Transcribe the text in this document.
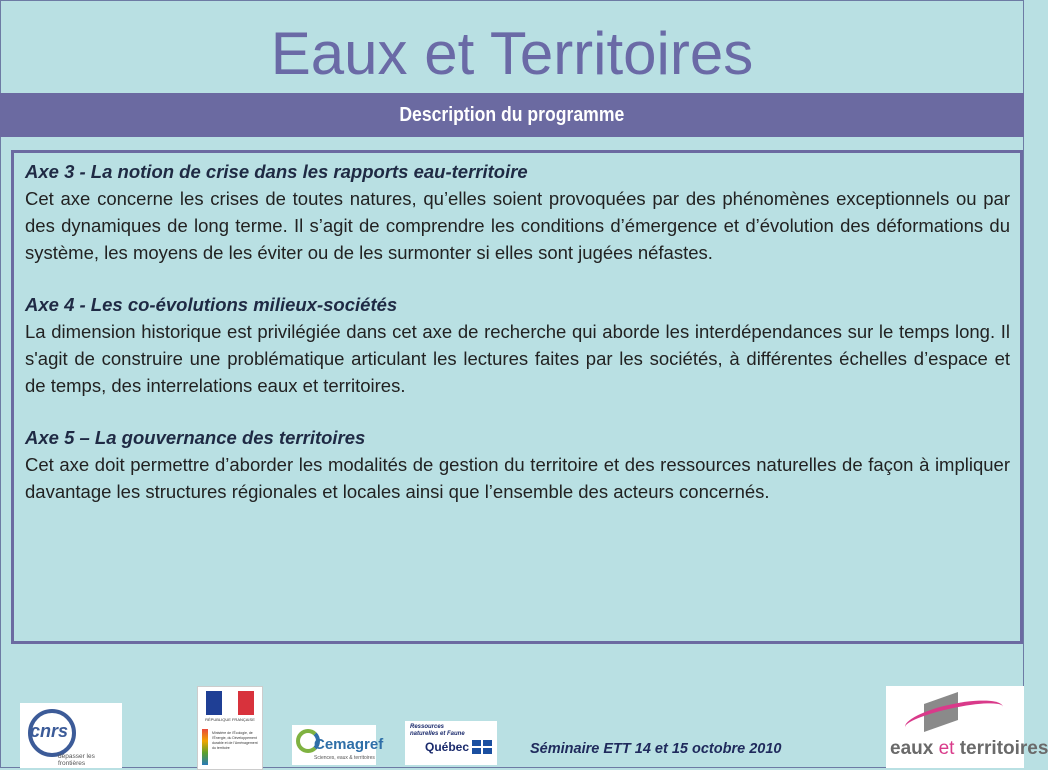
Eaux et Territoires
Description du programme
Axe 3 - La notion de crise dans les rapports eau-territoire

Cet axe concerne les crises de toutes natures, qu’elles soient provoquées par des phénomènes exceptionnels ou par des dynamiques de long terme. Il s’agit de comprendre les conditions d’émergence et d’évolution des déformations du système, les moyens de les éviter ou de les surmonter si elles sont jugées néfastes.

Axe 4 - Les co-évolutions milieux-sociétés

La dimension historique est privilégiée dans cet axe de recherche qui aborde les interdépendances sur le temps long. Il s'agit de construire une problématique articulant les lectures faites par les sociétés, à différentes échelles d’espace et de temps, des interrelations eaux et territoires.

Axe 5 – La gouvernance des territoires

Cet axe doit permettre d’aborder les modalités de gestion du territoire et des ressources naturelles de façon à impliquer davantage les structures régionales et locales ainsi que l’ensemble des acteurs concernés.

cnrs
dépasser les frontières
RÉPUBLIQUE FRANÇAISE
Ministère de l'Écologie, de l'Énergie, du Développement durable et de l'Aménagement du territoire	Cemagref
Sciences, eaux & territoires
Ressources naturelles et Faune
Québec	Séminaire ETT 14 et 15 octobre 2010	eaux et territoires
